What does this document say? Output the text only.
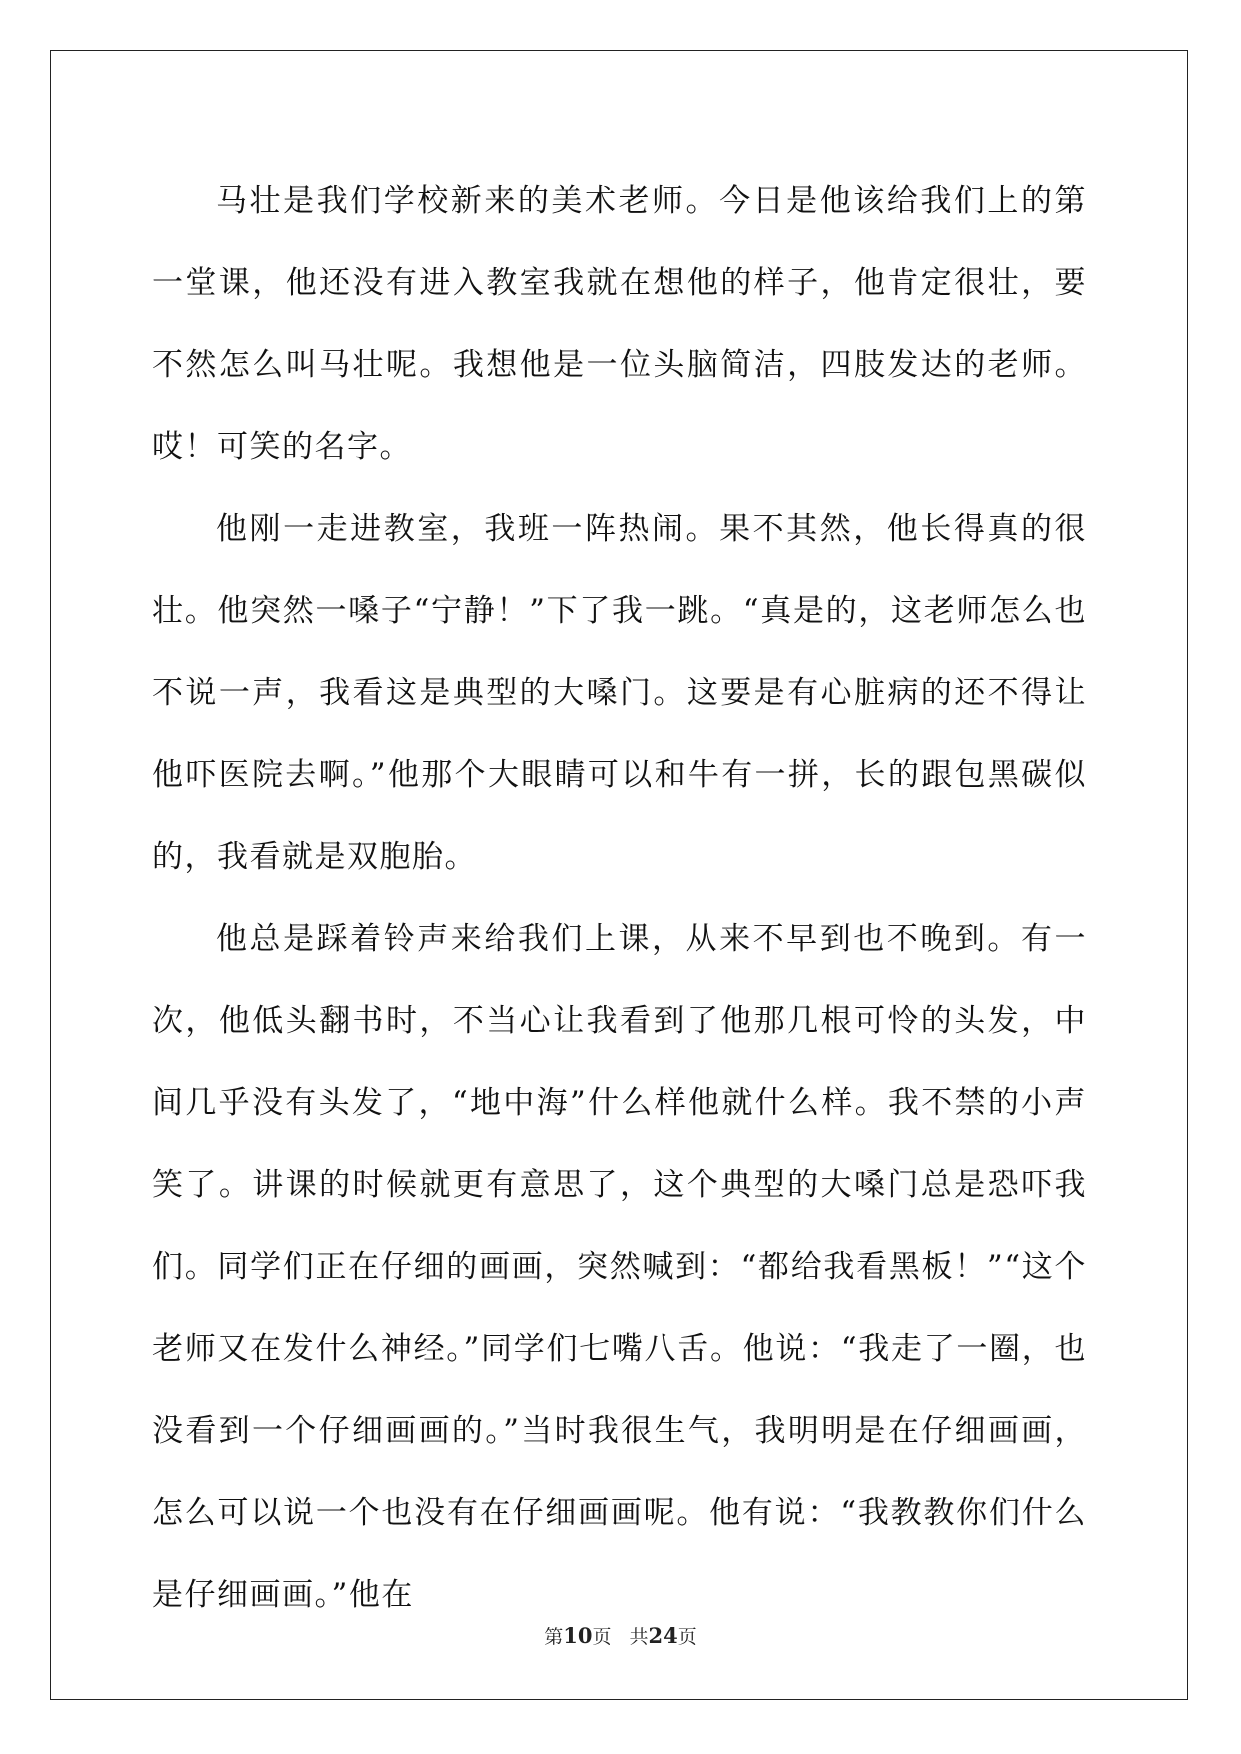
马壮是我们学校新来的美术老师。今日是他该给我们上的第一堂课，他还没有进入教室我就在想他的样子，他肯定很壮，要不然怎么叫马壮呢。我想他是一位头脑简洁，四肢发达的老师。哎！可笑的名字。

他刚一走进教室，我班一阵热闹。果不其然，他长得真的很壮。他突然一嗓子“宁静！”下了我一跳。“真是的，这老师怎么也不说一声，我看这是典型的大嗓门。这要是有心脏病的还不得让他吓医院去啊。”他那个大眼睛可以和牛有一拼，长的跟包黑碳似的，我看就是双胞胎。

他总是踩着铃声来给我们上课，从来不早到也不晚到。有一次，他低头翻书时，不当心让我看到了他那几根可怜的头发，中间几乎没有头发了，“地中海”什么样他就什么样。我不禁的小声笑了。讲课的时候就更有意思了，这个典型的大嗓门总是恐吓我们。同学们正在仔细的画画，突然喊到：“都给我看黑板！”“这个老师又在发什么神经。”同学们七嘴八舌。他说：“我走了一圈，也没看到一个仔细画画的。”当时我很生气，我明明是在仔细画画，怎么可以说一个也没有在仔细画画呢。他有说：“我教教你们什么是仔细画画。”他在

第10页 共24页
